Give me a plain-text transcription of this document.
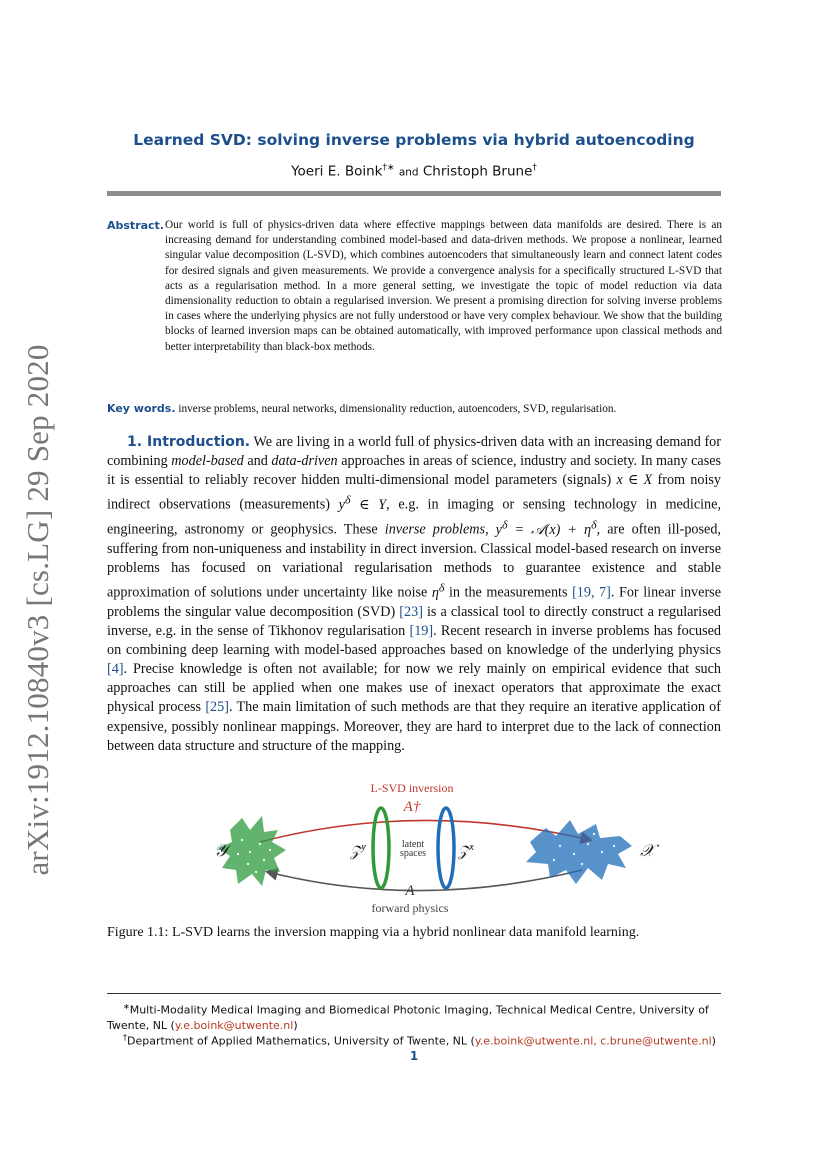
arXiv:1912.10840v3 [cs.LG] 29 Sep 2020
Learned SVD: solving inverse problems via hybrid autoencoding
Yoeri E. Boink†∗ and Christoph Brune†
Abstract. Our world is full of physics-driven data where effective mappings between data manifolds are desired. There is an increasing demand for understanding combined model-based and data-driven methods. We propose a nonlinear, learned singular value decomposition (L-SVD), which combines autoencoders that simultaneously learn and connect latent codes for desired signals and given measurements. We provide a convergence analysis for a specifically structured L-SVD that acts as a regularisation method. In a more general setting, we investigate the topic of model reduction via data dimensionality reduction to obtain a regularised inversion. We present a promising direction for solving inverse problems in cases where the underlying physics are not fully understood or have very complex behaviour. We show that the building blocks of learned inversion maps can be obtained automatically, with improved performance upon classical methods and better interpretability than black-box methods.

Key words. inverse problems, neural networks, dimensionality reduction, autoencoders, SVD, regularisation.

1. Introduction. We are living in a world full of physics-driven data with an increasing demand for combining model-based and data-driven approaches in areas of science, industry and society. In many cases it is essential to reliably recover hidden multi-dimensional model parameters (signals) x ∈ X from noisy indirect observations (measurements) $y^\delta$ ∈ Y, e.g. in imaging or sensing technology in medicine, engineering, astronomy or geophysics. These inverse problems, $y^\delta$ = 𝒜(x) + $\eta^\delta$, are often ill-posed, suffering from non-uniqueness and instability in direct inversion. Classical model-based research on inverse problems has focused on variational regularisation methods to guarantee existence and stable approximation of solutions under uncertainty like noise $\eta^\delta$ in the measurements [19, 7]. For linear inverse problems the singular value decomposition (SVD) [23] is a classical tool to directly construct a regularised inverse, e.g. in the sense of Tikhonov regularisation [19]. Recent research in inverse problems has focused on combining deep learning with model-based approaches based on knowledge of the underlying physics [4]. Precise knowledge is often not available; for now we rely mainly on empirical evidence that such approaches can still be applied when one makes use of inexact operators that approximate the exact physical process [25]. The main limitation of such methods are that they require an iterative application of expensive, possibly nonlinear mappings. Moreover, they are hard to interpret due to the lack of connection between data structure and structure of the mapping.

L-SVD inversion
A†
𝒴	𝒵$^y$	𝒵$^x$
latent
spaces	𝒳
A
forward physics
Figure 1.1: L-SVD learns the inversion mapping via a hybrid nonlinear data manifold learning.
∗Multi-Modality Medical Imaging and Biomedical Photonic Imaging, Technical Medical Centre, University of Twente, NL (y.e.boink@utwente.nl)
†Department of Applied Mathematics, University of Twente, NL (y.e.boink@utwente.nl, c.brune@utwente.nl)
1
